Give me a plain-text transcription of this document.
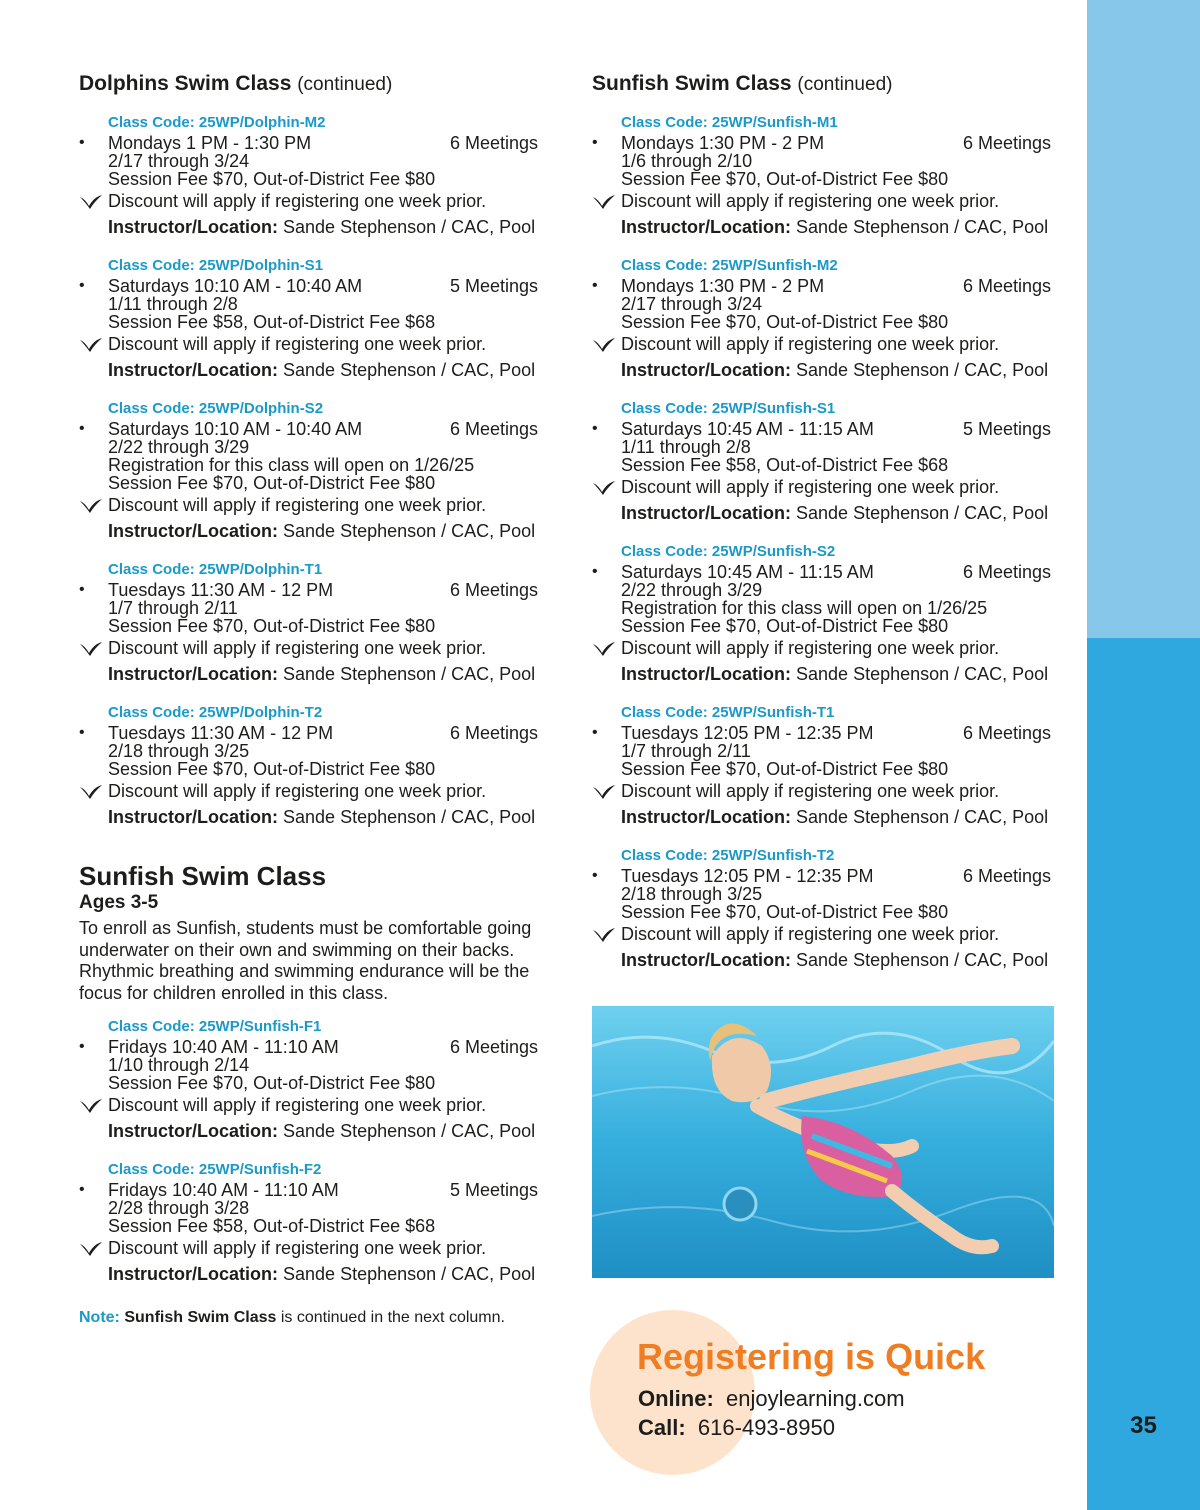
35
Dolphins Swim Class (continued)
Class Code: 25WP/Dolphin-M2
• Mondays 1 PM - 1:30 PM	6 Meetings
2/17 through 3/24
Session Fee $70, Out-of-District Fee $80
Discount will apply if registering one week prior.
Instructor/Location: Sande Stephenson / CAC, Pool
Class Code: 25WP/Dolphin-S1
• Saturdays 10:10 AM - 10:40 AM	5 Meetings
1/11 through 2/8
Session Fee $58, Out-of-District Fee $68
Discount will apply if registering one week prior.
Instructor/Location: Sande Stephenson / CAC, Pool
Class Code: 25WP/Dolphin-S2
• Saturdays 10:10 AM - 10:40 AM	6 Meetings
2/22 through 3/29
Registration for this class will open on 1/26/25
Session Fee $70, Out-of-District Fee $80
Discount will apply if registering one week prior.
Instructor/Location: Sande Stephenson / CAC, Pool
Class Code: 25WP/Dolphin-T1
• Tuesdays 11:30 AM - 12 PM	6 Meetings
1/7 through 2/11
Session Fee $70, Out-of-District Fee $80
Discount will apply if registering one week prior.
Instructor/Location: Sande Stephenson / CAC, Pool
Class Code: 25WP/Dolphin-T2
• Tuesdays 11:30 AM - 12 PM	6 Meetings
2/18 through 3/25
Session Fee $70, Out-of-District Fee $80
Discount will apply if registering one week prior.
Instructor/Location: Sande Stephenson / CAC, Pool
Sunfish Swim Class
Ages 3-5
To enroll as Sunfish, students must be comfortable going underwater on their own and swimming on their backs. Rhythmic breathing and swimming endurance will be the focus for children enrolled in this class.
Class Code: 25WP/Sunfish-F1
• Fridays 10:40 AM - 11:10 AM	6 Meetings
1/10 through 2/14
Session Fee $70, Out-of-District Fee $80
Discount will apply if registering one week prior.
Instructor/Location: Sande Stephenson / CAC, Pool
Class Code: 25WP/Sunfish-F2
• Fridays 10:40 AM - 11:10 AM	5 Meetings
2/28 through 3/28
Session Fee $58, Out-of-District Fee $68
Discount will apply if registering one week prior.
Instructor/Location: Sande Stephenson / CAC, Pool
Note: Sunfish Swim Class is continued in the next column.
Sunfish Swim Class (continued)
Class Code: 25WP/Sunfish-M1
• Mondays 1:30 PM - 2 PM	6 Meetings
1/6 through 2/10
Session Fee $70, Out-of-District Fee $80
Discount will apply if registering one week prior.
Instructor/Location: Sande Stephenson / CAC, Pool
Class Code: 25WP/Sunfish-M2
• Mondays 1:30 PM - 2 PM	6 Meetings
2/17 through 3/24
Session Fee $70, Out-of-District Fee $80
Discount will apply if registering one week prior.
Instructor/Location: Sande Stephenson / CAC, Pool
Class Code: 25WP/Sunfish-S1
• Saturdays 10:45 AM - 11:15 AM	5 Meetings
1/11 through 2/8
Session Fee $58, Out-of-District Fee $68
Discount will apply if registering one week prior.
Instructor/Location: Sande Stephenson / CAC, Pool
Class Code: 25WP/Sunfish-S2
• Saturdays 10:45 AM - 11:15 AM	6 Meetings
2/22 through 3/29
Registration for this class will open on 1/26/25
Session Fee $70, Out-of-District Fee $80
Discount will apply if registering one week prior.
Instructor/Location: Sande Stephenson / CAC, Pool
Class Code: 25WP/Sunfish-T1
• Tuesdays 12:05 PM - 12:35 PM	6 Meetings
1/7 through 2/11
Session Fee $70, Out-of-District Fee $80
Discount will apply if registering one week prior.
Instructor/Location: Sande Stephenson / CAC, Pool
Class Code: 25WP/Sunfish-T2
• Tuesdays 12:05 PM - 12:35 PM	6 Meetings
2/18 through 3/25
Session Fee $70, Out-of-District Fee $80
Discount will apply if registering one week prior.
Instructor/Location: Sande Stephenson / CAC, Pool
Registering is Quick
Online: enjoylearning.com
Call: 616-493-8950
